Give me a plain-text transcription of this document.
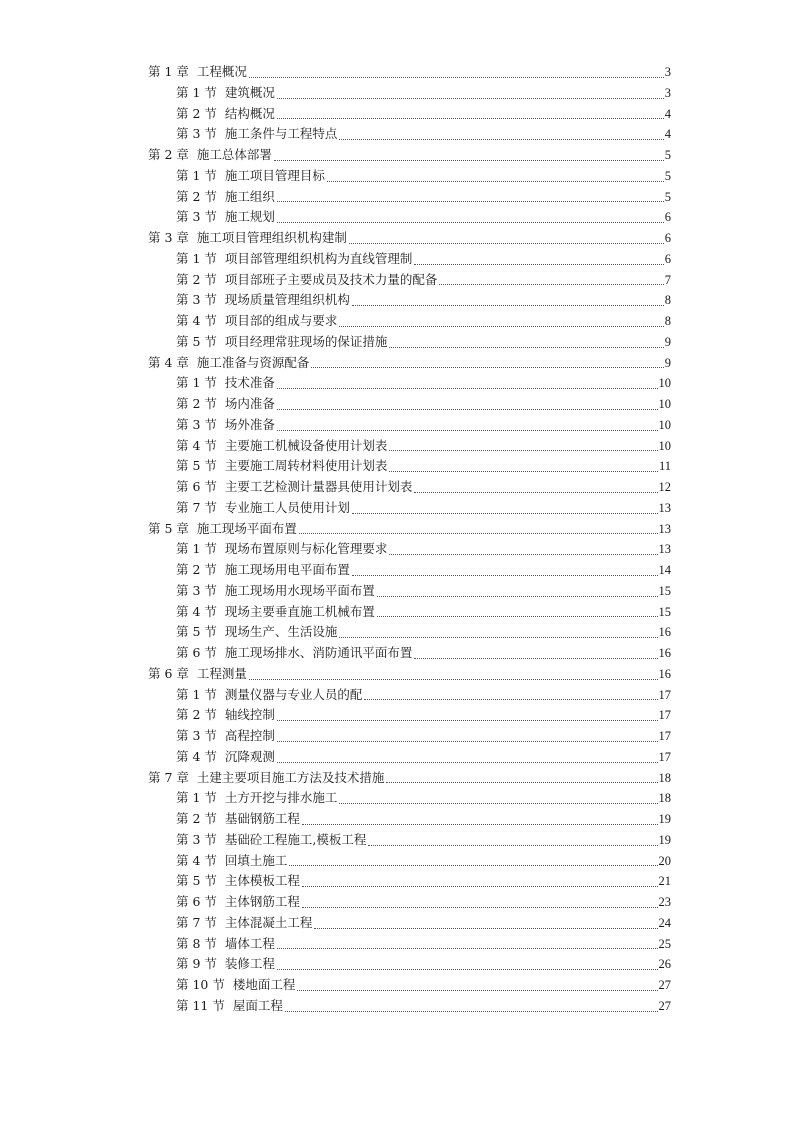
第 1 章 工程概况	3
第 1 节 建筑概况	3
第 2 节 结构概况	4
第 3 节 施工条件与工程特点	4
第 2 章 施工总体部署	5
第 1 节 施工项目管理目标	5
第 2 节 施工组织	5
第 3 节 施工规划	6
第 3 章 施工项目管理组织机构建制	6
第 1 节 项目部管理组织机构为直线管理制	6
第 2 节 项目部班子主要成员及技术力量的配备	7
第 3 节 现场质量管理组织机构	8
第 4 节 项目部的组成与要求	8
第 5 节 项目经理常驻现场的保证措施	9
第 4 章 施工准备与资源配备	9
第 1 节 技术准备	10
第 2 节 场内准备	10
第 3 节 场外准备	10
第 4 节 主要施工机械设备使用计划表	10
第 5 节 主要施工周转材料使用计划表	11
第 6 节 主要工艺检测计量器具使用计划表	12
第 7 节 专业施工人员使用计划	13
第 5 章 施工现场平面布置	13
第 1 节 现场布置原则与标化管理要求	13
第 2 节 施工现场用电平面布置	14
第 3 节 施工现场用水现场平面布置	15
第 4 节 现场主要垂直施工机械布置	15
第 5 节 现场生产、生活设施	16
第 6 节 施工现场排水、消防通讯平面布置	16
第 6 章 工程测量	16
第 1 节 测量仪器与专业人员的配	17
第 2 节 轴线控制	17
第 3 节 高程控制	17
第 4 节 沉降观测	17
第 7 章 土建主要项目施工方法及技术措施	18
第 1 节 土方开挖与排水施工	18
第 2 节 基础钢筋工程	19
第 3 节 基础砼工程施工,模板工程	19
第 4 节 回填土施工	20
第 5 节 主体模板工程	21
第 6 节 主体钢筋工程	23
第 7 节 主体混凝土工程	24
第 8 节 墙体工程	25
第 9 节 装修工程	26
第 10 节 楼地面工程	27
第 11 节 屋面工程	27
